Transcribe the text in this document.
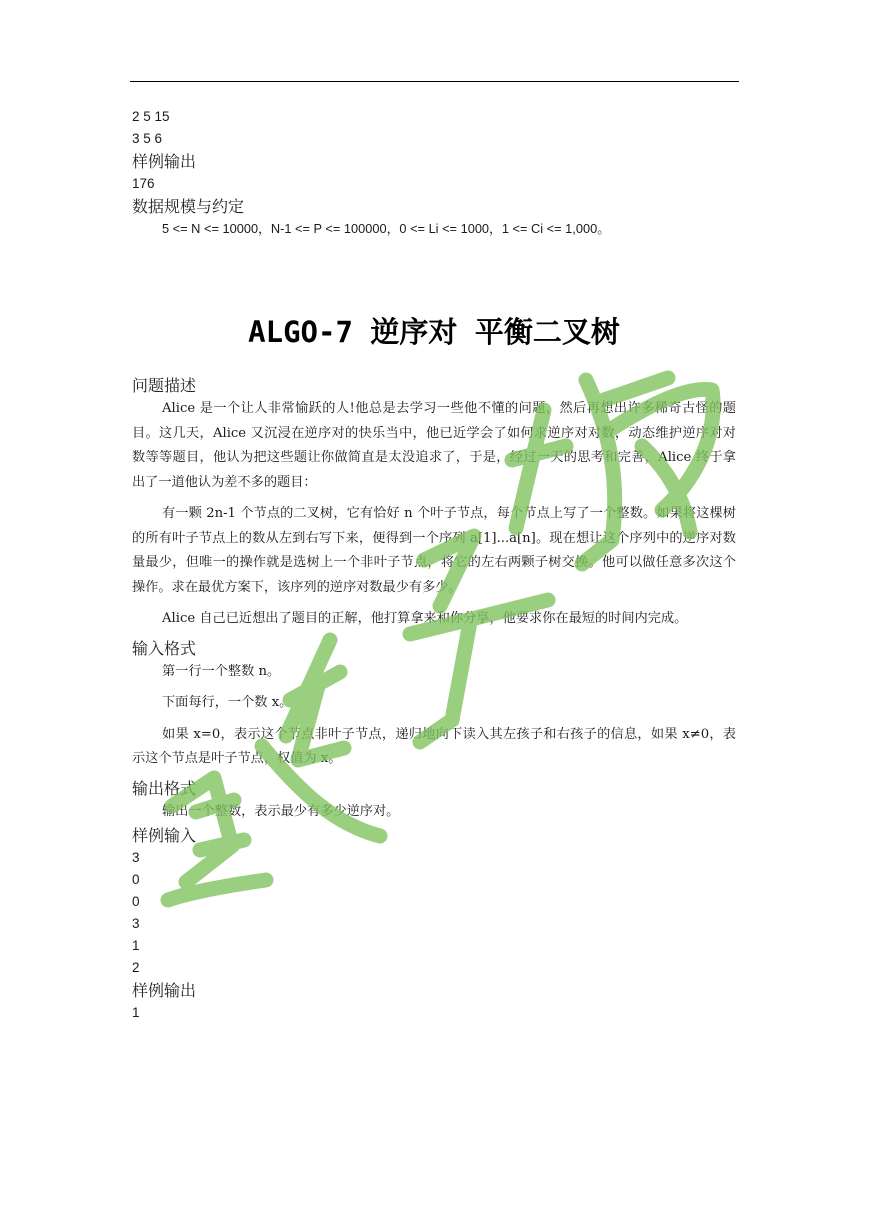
2 5 15

3 5 6

样例输出

176

数据规模与约定

5 <= N <= 10000，N-1 <= P <= 100000，0 <= Li <= 1000，1 <= Ci <= 1,000。

ALGO-7 逆序对 平衡二叉树

问题描述

Alice 是一个让人非常愉跃的人!他总是去学习一些他不懂的问题，然后再想出许多稀奇古怪的题目。这几天，Alice 又沉浸在逆序对的快乐当中，他已近学会了如何求逆序对对数，动态维护逆序对对数等等题目，他认为把这些题让你做简直是太没追求了，于是，经过一天的思考和完善，Alice 终于拿出了一道他认为差不多的题目：

有一颗 2n-1 个节点的二叉树，它有恰好 n 个叶子节点，每个节点上写了一个整数。如果将这棵树的所有叶子节点上的数从左到右写下来，便得到一个序列 a[1]...a[n]。现在想让这个序列中的逆序对数量最少，但唯一的操作就是选树上一个非叶子节点，将它的左右两颗子树交换。他可以做任意多次这个操作。求在最优方案下，该序列的逆序对数最少有多少。

Alice 自己已近想出了题目的正解，他打算拿来和你分享，他要求你在最短的时间内完成。

输入格式

第一行一个整数 n。

下面每行，一个数 x。

如果 x=0，表示这个节点非叶子节点，递归地向下读入其左孩子和右孩子的信息，如果 x≠0，表示这个节点是叶子节点，权值为 x。

输出格式

输出一个整数，表示最少有多少逆序对。

样例输入

3

0

0

3

1

2

样例输出

1
